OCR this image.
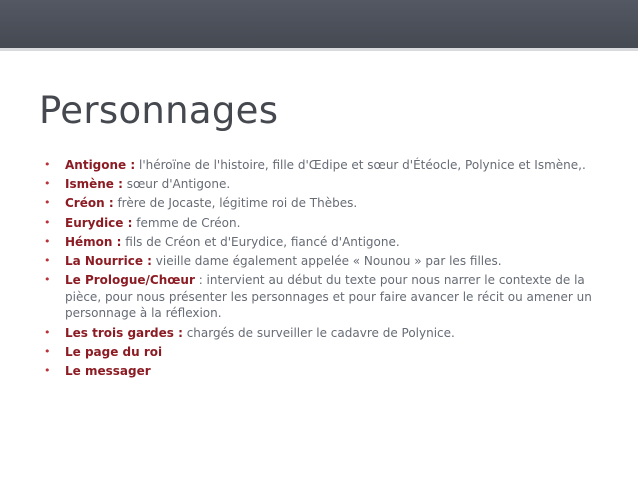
Personnages
• Antigone : l'héroïne de l'histoire, fille d'Œdipe et sœur d'Étéocle, Polynice et Ismène,.
• Ismène : sœur d'Antigone.
• Créon : frère de Jocaste, légitime roi de Thèbes.
• Eurydice : femme de Créon.
• Hémon : fils de Créon et d'Eurydice, fiancé d'Antigone.
• La Nourrice : vieille dame également appelée « Nounou » par les filles.
• Le Prologue/Chœur : intervient au début du texte pour nous narrer le contexte de la pièce, pour nous présenter les personnages et pour faire avancer le récit ou amener un personnage à la réflexion.
• Les trois gardes : chargés de surveiller le cadavre de Polynice.
• Le page du roi
• Le messager
